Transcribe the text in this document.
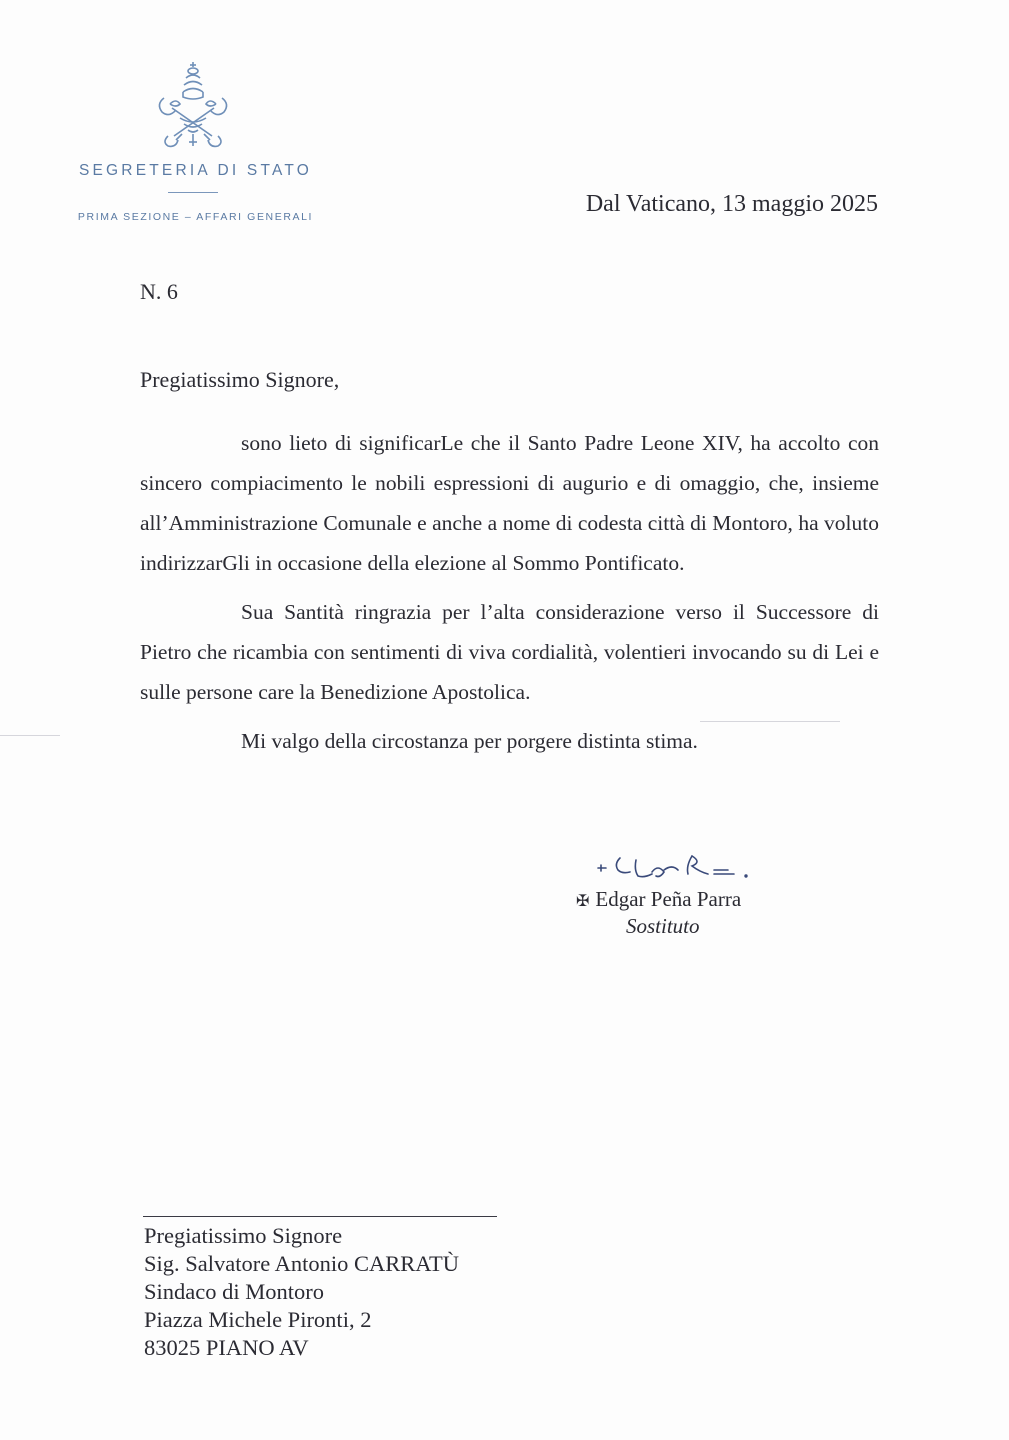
SEGRETERIA DI STATO
PRIMA SEZIONE – AFFARI GENERALI	Dal Vaticano, 13 maggio 2025
N. 6
Pregiatissimo Signore,

sono lieto di significarLe che il Santo Padre Leone XIV, ha accolto con sincero compiacimento le nobili espressioni di augurio e di omaggio, che, insieme all’Amministrazione Comunale e anche a nome di codesta città di Montoro, ha voluto indirizzarGli in occasione della elezione al Sommo Pontificato.

Sua Santità ringrazia per l’alta considerazione verso il Successore di Pietro che ricambia con sentimenti di viva cordialità, volentieri invocando su di Lei e sulle persone care la Benedizione Apostolica.

Mi valgo della circostanza per porgere distinta stima.

✠ Edgar Peña Parra
Sostituto
Pregiatissimo Signore
Sig. Salvatore Antonio CARRATÙ
Sindaco di Montoro
Piazza Michele Pironti, 2
83025 PIANO AV
